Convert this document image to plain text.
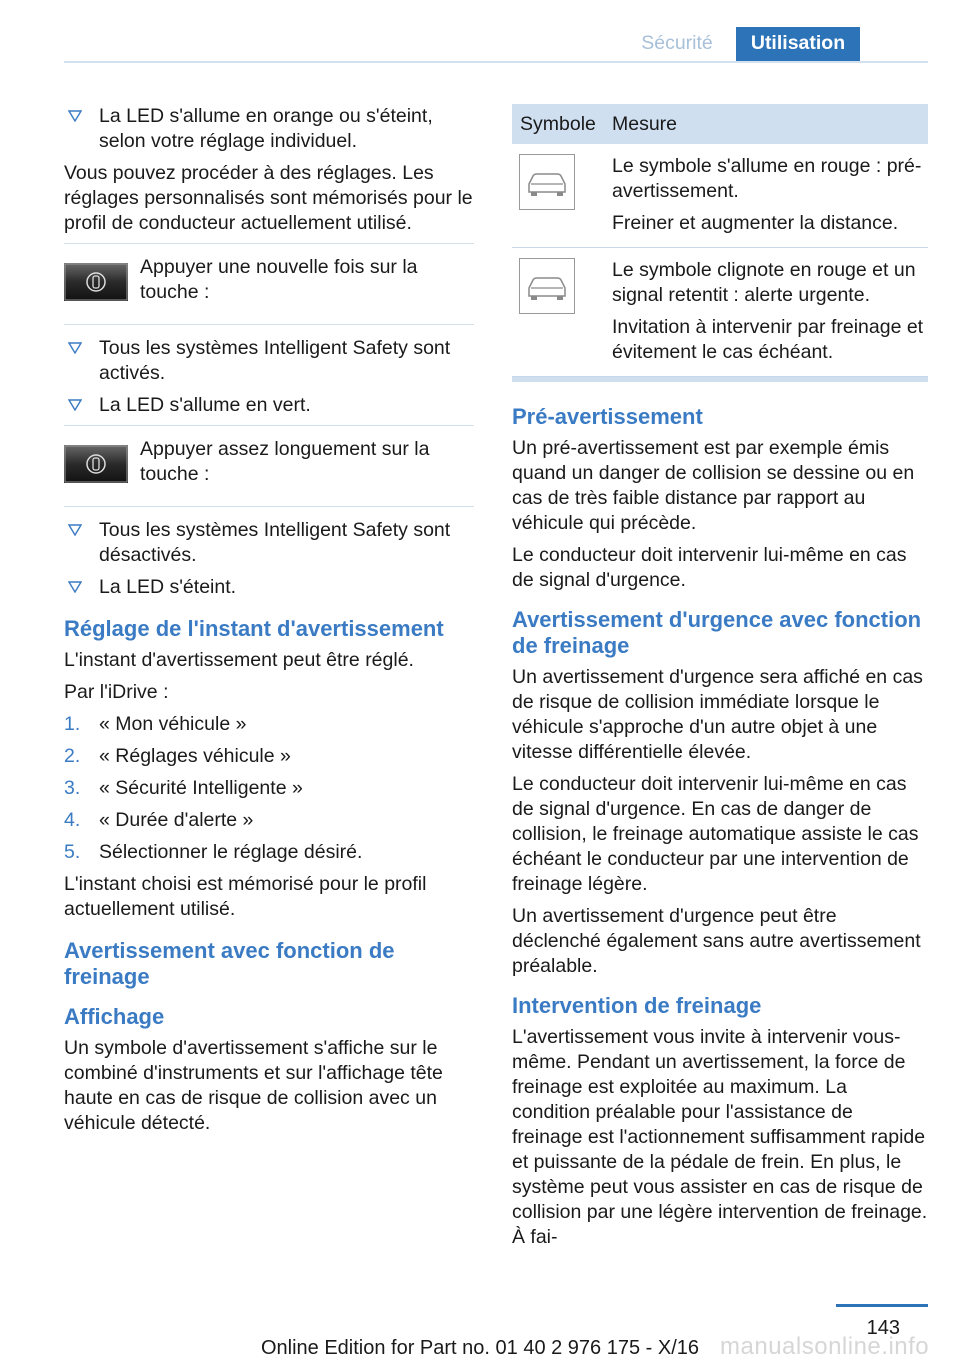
Sécurité	Utilisation
La LED s'allume en orange ou s'éteint, selon votre réglage individuel.

Vous pouvez procéder à des réglages. Les réglages personnalisés sont mémorisés pour le profil de conducteur actuellement utilisé.

Appuyer une nouvelle fois sur la touche :

Tous les systèmes Intelligent Safety sont activés.
La LED s'allume en vert.

Appuyer assez longuement sur la touche :

Tous les systèmes Intelligent Safety sont désactivés.
La LED s'éteint.
Réglage de l'instant d'avertissement

L'instant d'avertissement peut être réglé.

Par l'iDrive :

1. « Mon véhicule »
2. « Réglages véhicule »
3. « Sécurité Intelligente »
4. « Durée d'alerte »
5. Sélectionner le réglage désiré.

L'instant choisi est mémorisé pour le profil actuellement utilisé.

Avertissement avec fonction de freinage
Affichage

Un symbole d'avertissement s'affiche sur le combiné d'instruments et sur l'affichage tête haute en cas de risque de collision avec un véhicule détecté.

Symbole Mesure

Le symbole s'allume en rouge : pré-avertissement.

Freiner et augmenter la distance.

Le symbole clignote en rouge et un signal retentit : alerte urgente.

Invitation à intervenir par freinage et évitement le cas échéant.

Pré-avertissement

Un pré-avertissement est par exemple émis quand un danger de collision se dessine ou en cas de très faible distance par rapport au véhicule qui précède.

Le conducteur doit intervenir lui-même en cas de signal d'urgence.

Avertissement d'urgence avec fonction de freinage

Un avertissement d'urgence sera affiché en cas de risque de collision immédiate lorsque le véhicule s'approche d'un autre objet à une vitesse différentielle élevée.

Le conducteur doit intervenir lui-même en cas de signal d'urgence. En cas de danger de collision, le freinage automatique assiste le cas échéant le conducteur par une intervention de freinage légère.

Un avertissement d'urgence peut être déclenché également sans autre avertissement préalable.

Intervention de freinage

L'avertissement vous invite à intervenir vous-même. Pendant un avertissement, la force de freinage est exploitée au maximum. La condition préalable pour l'assistance de freinage est l'actionnement suffisamment rapide et puissante de la pédale de frein. En plus, le système peut vous assister en cas de risque de collision par une légère intervention de freinage. À fai-

143
Online Edition for Part no. 01 40 2 976 175 - X/16 manualsonline.info
